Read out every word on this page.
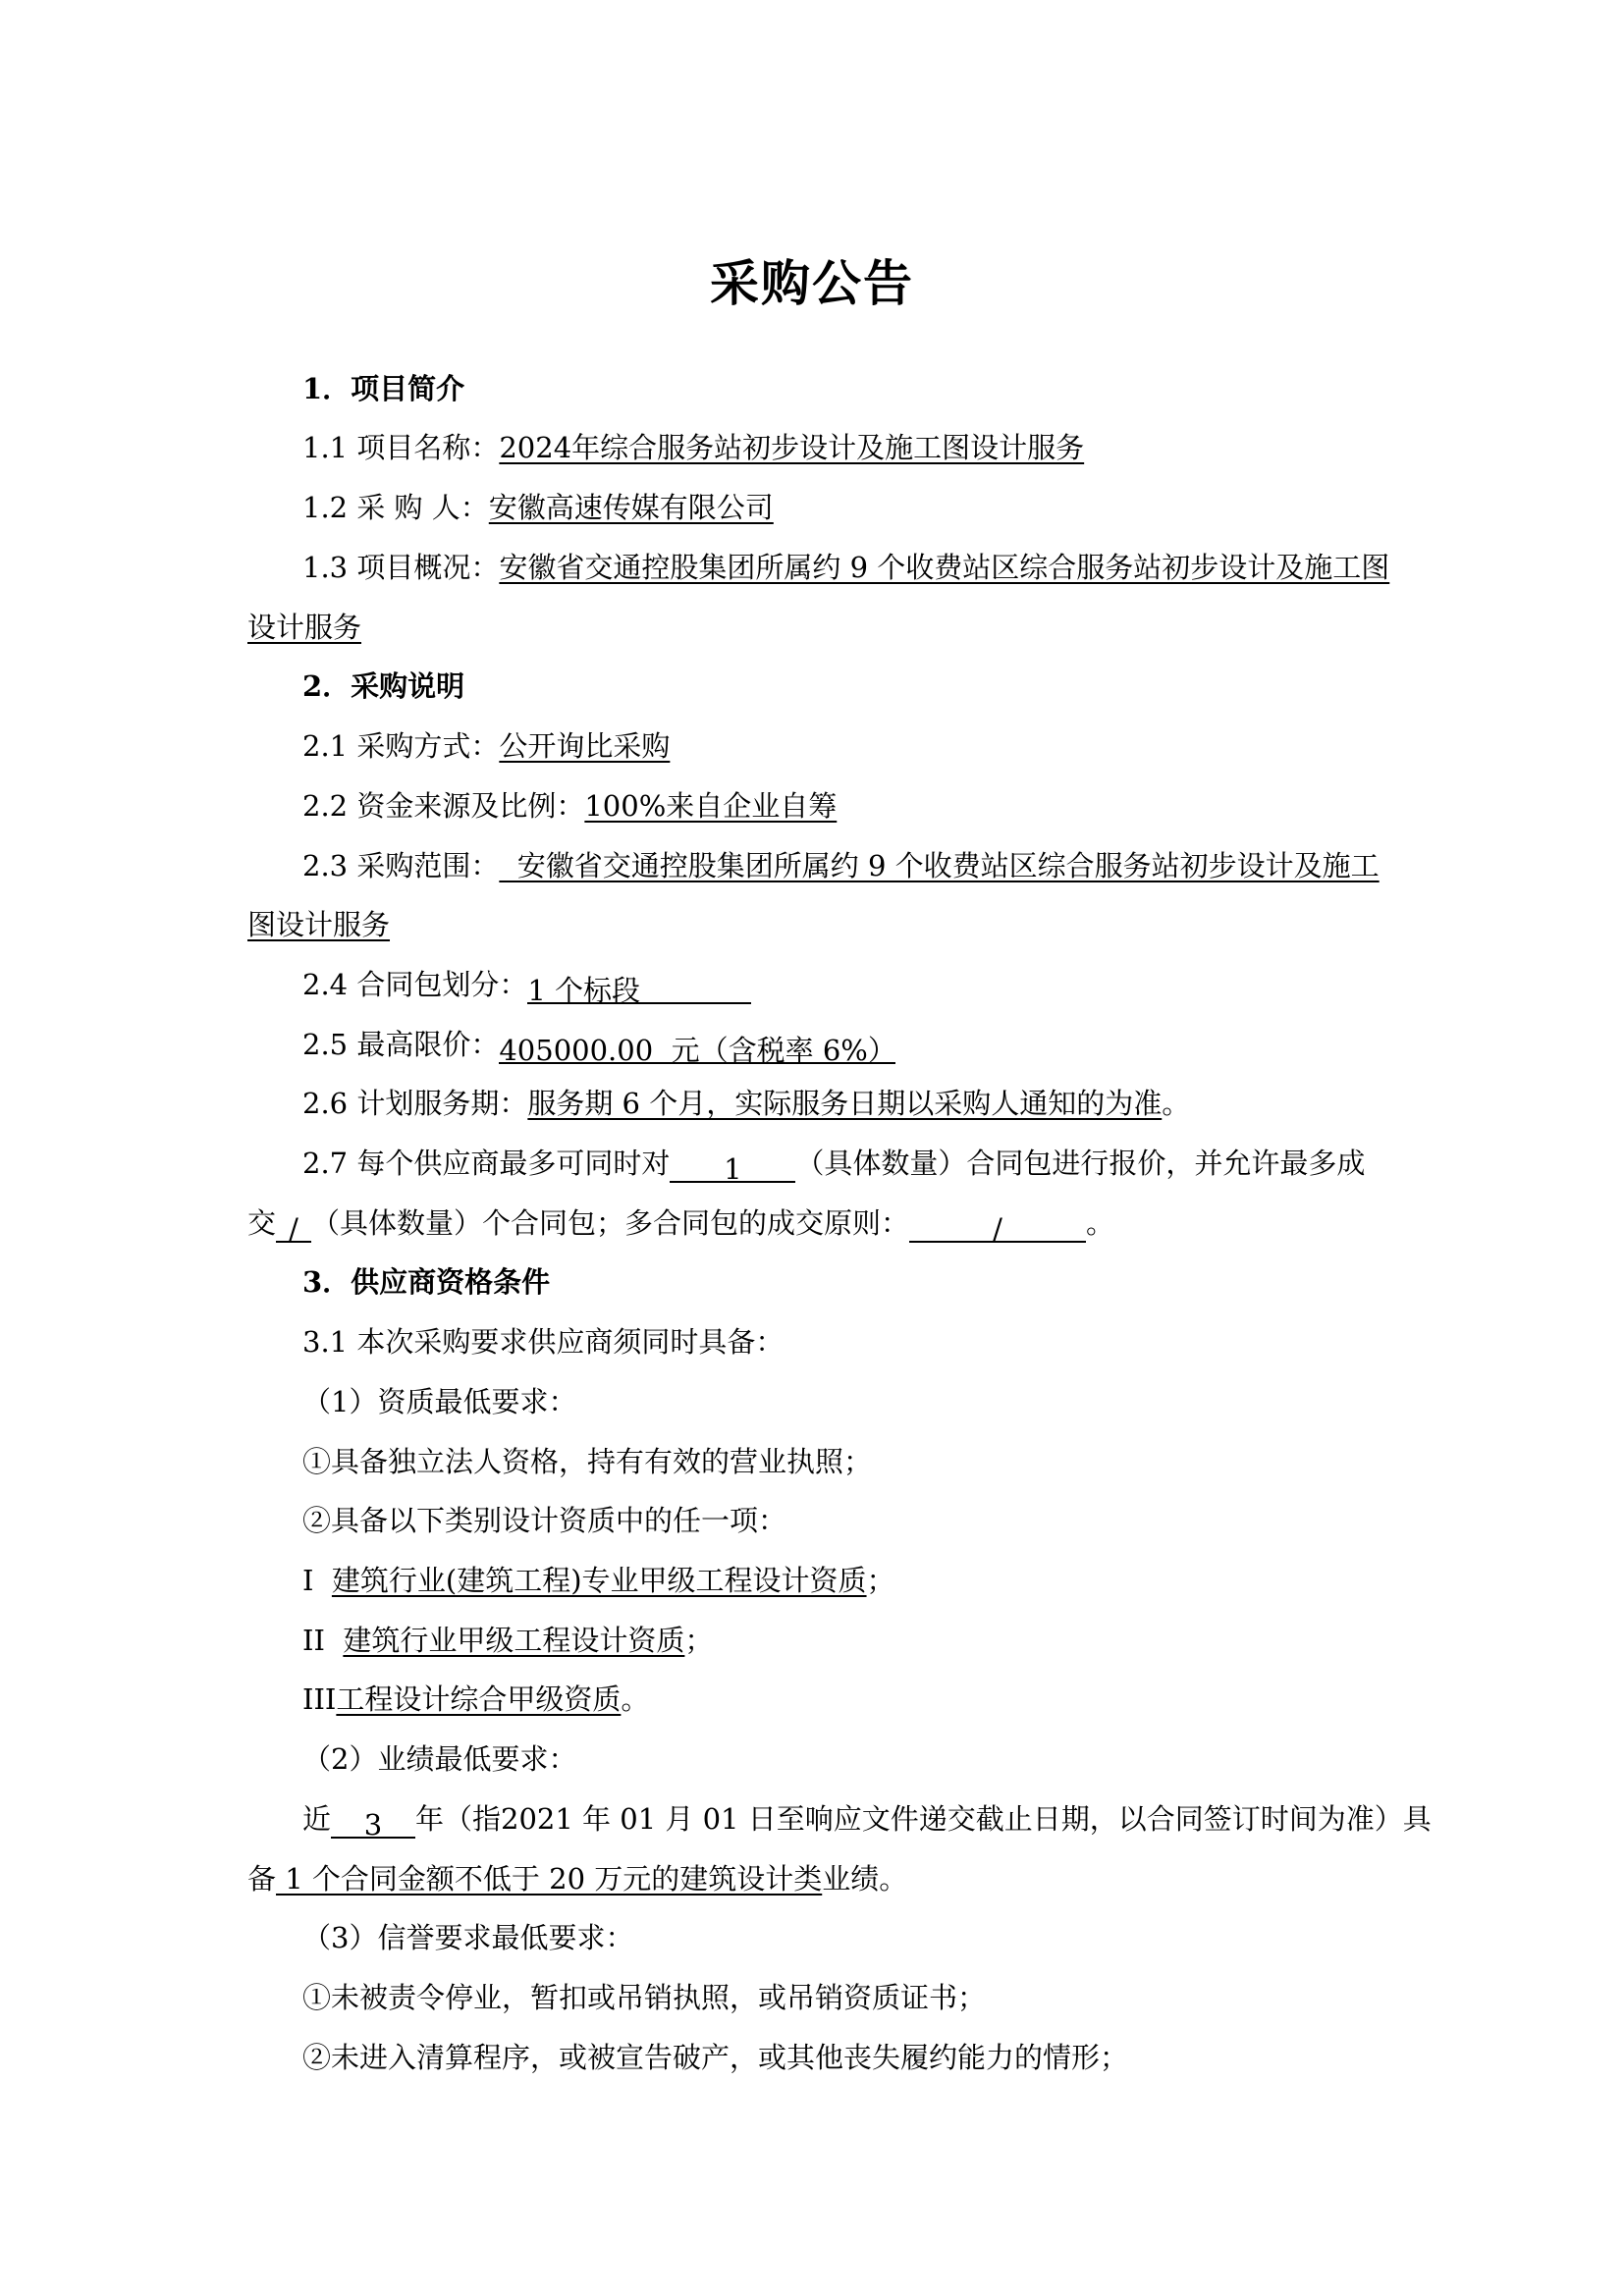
采购公告
1．项目简介
1.1 项目名称：2024年综合服务站初步设计及施工图设计服务
1.2 采 购 人：安徽高速传媒有限公司
1.3 项目概况：安徽省交通控股集团所属约 9 个收费站区综合服务站初步设计及施工图
设计服务
2．采购说明
2.1 采购方式：公开询比采购
2.2 资金来源及比例：100%来自企业自筹
2.3 采购范围：  安徽省交通控股集团所属约 9 个收费站区综合服务站初步设计及施工
图设计服务
2.4 合同包划分：1 个标段
2.5 最高限价：405000.00  元（含税率 6%）
2.6 计划服务期：服务期 6 个月，实际服务日期以采购人通知的为准。
2.7 每个供应商最多可同时对 1 （具体数量）合同包进行报价，并允许最多成
交 / （具体数量）个合同包；多合同包的成交原则：	/	。
3．供应商资格条件
3.1 本次采购要求供应商须同时具备：
（1）资质最低要求：
①具备独立法人资格，持有有效的营业执照；
②具备以下类别设计资质中的任一项：
I  建筑行业(建筑工程)专业甲级工程设计资质；
II  建筑行业甲级工程设计资质；
III工程设计综合甲级资质。
（2）业绩最低要求：
近 3 年（指2021 年 01 月 01 日至响应文件递交截止日期，以合同签订时间为准）具
备 1 个合同金额不低于 20 万元的建筑设计类业绩。
（3）信誉要求最低要求：
①未被责令停业，暂扣或吊销执照，或吊销资质证书；
②未进入清算程序，或被宣告破产，或其他丧失履约能力的情形；
